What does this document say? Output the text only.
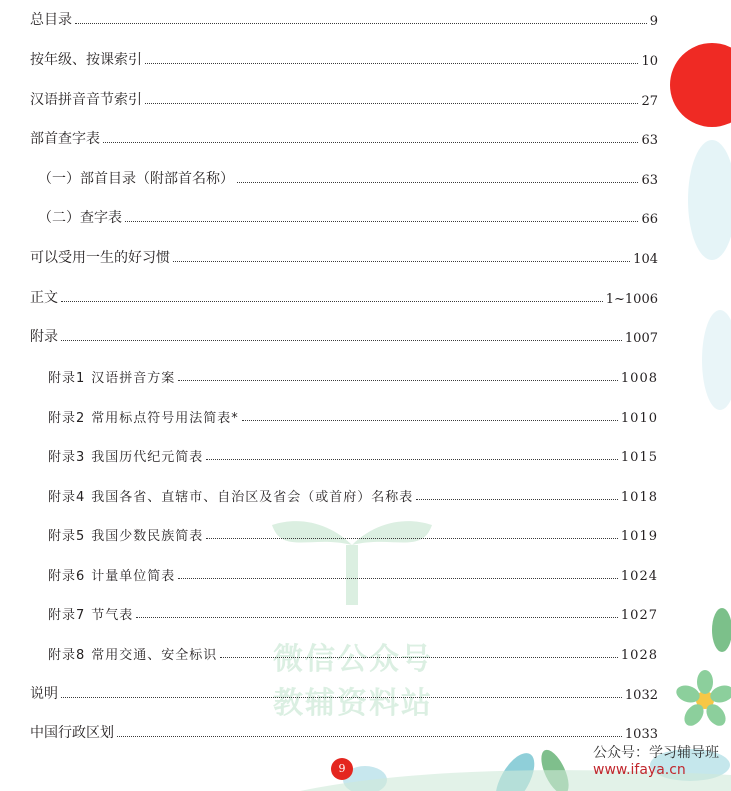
微信公众号
教辅资料站
总目录	9
按年级、按课索引	10
汉语拼音音节索引	27
部首查字表	63
（一）部首目录（附部首名称）	63
（二）查字表	66
可以受用一生的好习惯	104
正文	1~1006
附录	1007
附录1 汉语拼音方案	1008
附录2 常用标点符号用法简表*	1010
附录3 我国历代纪元简表	1015
附录4 我国各省、直辖市、自治区及省会（或首府）名称表	1018
附录5 我国少数民族简表	1019
附录6 计量单位简表	1024
附录7 节气表	1027
附录8 常用交通、安全标识	1028
说明	1032
中国行政区划	1033
公众号：学习辅导班
www.ifaya.cn
9
